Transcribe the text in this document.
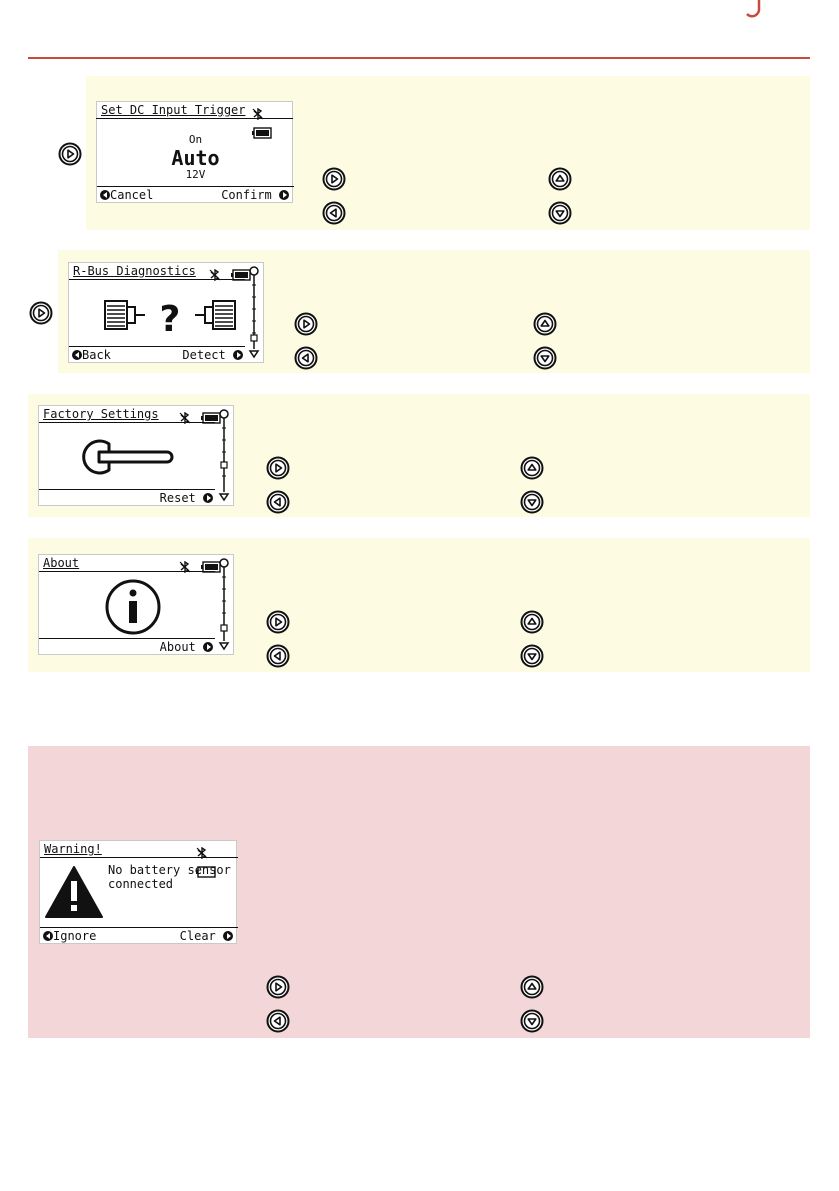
Set DC Input Trigger

On
Auto
12V
Cancel	Confirm
R-Bus Diagnostics

?
Back	Detect
Factory Settings

Reset
About

About
Warning!

No battery sensor
connected
Ignore	Clear
